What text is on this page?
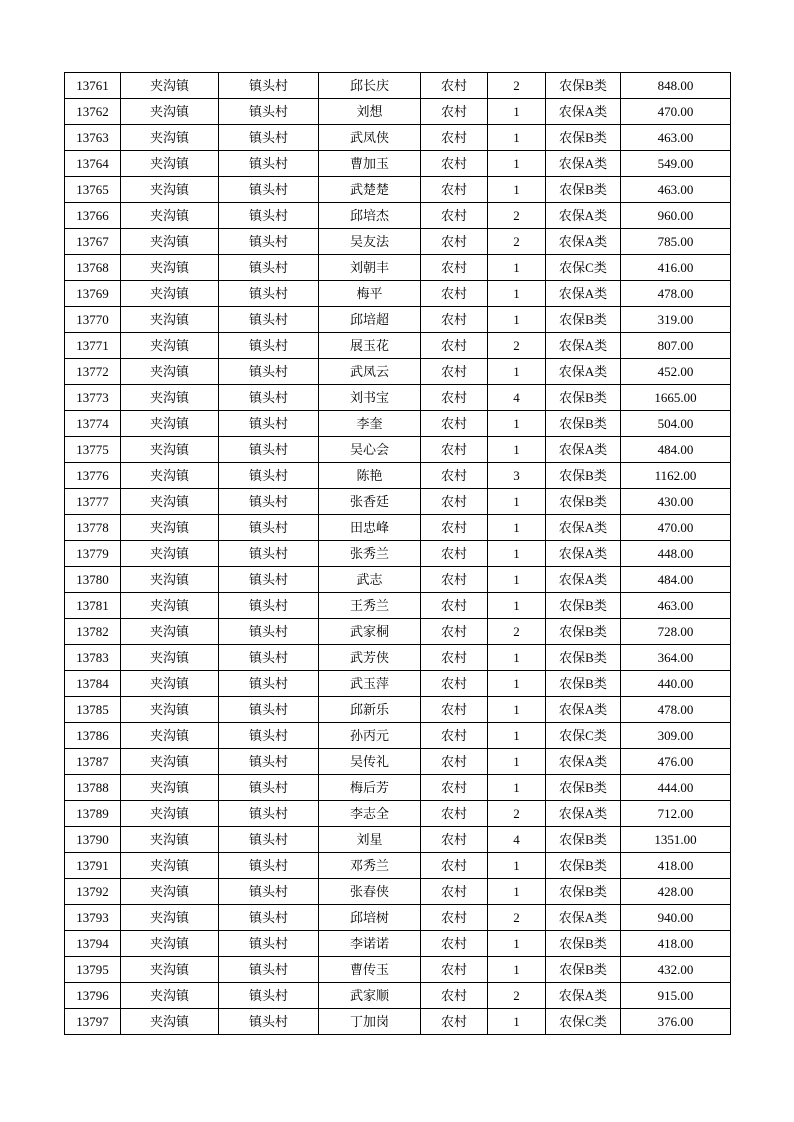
13761	夹沟镇	镇头村	邱长庆	农村	2	农保B类	848.00
13762	夹沟镇	镇头村	刘想	农村	1	农保A类	470.00
13763	夹沟镇	镇头村	武凤侠	农村	1	农保B类	463.00
13764	夹沟镇	镇头村	曹加玉	农村	1	农保A类	549.00
13765	夹沟镇	镇头村	武楚楚	农村	1	农保B类	463.00
13766	夹沟镇	镇头村	邱培杰	农村	2	农保A类	960.00
13767	夹沟镇	镇头村	吴友法	农村	2	农保A类	785.00
13768	夹沟镇	镇头村	刘朝丰	农村	1	农保C类	416.00
13769	夹沟镇	镇头村	梅平	农村	1	农保A类	478.00
13770	夹沟镇	镇头村	邱培超	农村	1	农保B类	319.00
13771	夹沟镇	镇头村	展玉花	农村	2	农保A类	807.00
13772	夹沟镇	镇头村	武凤云	农村	1	农保A类	452.00
13773	夹沟镇	镇头村	刘书宝	农村	4	农保B类	1665.00
13774	夹沟镇	镇头村	李奎	农村	1	农保B类	504.00
13775	夹沟镇	镇头村	吴心会	农村	1	农保A类	484.00
13776	夹沟镇	镇头村	陈艳	农村	3	农保B类	1162.00
13777	夹沟镇	镇头村	张香廷	农村	1	农保B类	430.00
13778	夹沟镇	镇头村	田忠峰	农村	1	农保A类	470.00
13779	夹沟镇	镇头村	张秀兰	农村	1	农保A类	448.00
13780	夹沟镇	镇头村	武志	农村	1	农保A类	484.00
13781	夹沟镇	镇头村	王秀兰	农村	1	农保B类	463.00
13782	夹沟镇	镇头村	武家桐	农村	2	农保B类	728.00
13783	夹沟镇	镇头村	武芳侠	农村	1	农保B类	364.00
13784	夹沟镇	镇头村	武玉萍	农村	1	农保B类	440.00
13785	夹沟镇	镇头村	邱新乐	农村	1	农保A类	478.00
13786	夹沟镇	镇头村	孙丙元	农村	1	农保C类	309.00
13787	夹沟镇	镇头村	吴传礼	农村	1	农保A类	476.00
13788	夹沟镇	镇头村	梅后芳	农村	1	农保B类	444.00
13789	夹沟镇	镇头村	李志全	农村	2	农保A类	712.00
13790	夹沟镇	镇头村	刘星	农村	4	农保B类	1351.00
13791	夹沟镇	镇头村	邓秀兰	农村	1	农保B类	418.00
13792	夹沟镇	镇头村	张春侠	农村	1	农保B类	428.00
13793	夹沟镇	镇头村	邱培树	农村	2	农保A类	940.00
13794	夹沟镇	镇头村	李诺诺	农村	1	农保B类	418.00
13795	夹沟镇	镇头村	曹传玉	农村	1	农保B类	432.00
13796	夹沟镇	镇头村	武家顺	农村	2	农保A类	915.00
13797	夹沟镇	镇头村	丁加岗	农村	1	农保C类	376.00
